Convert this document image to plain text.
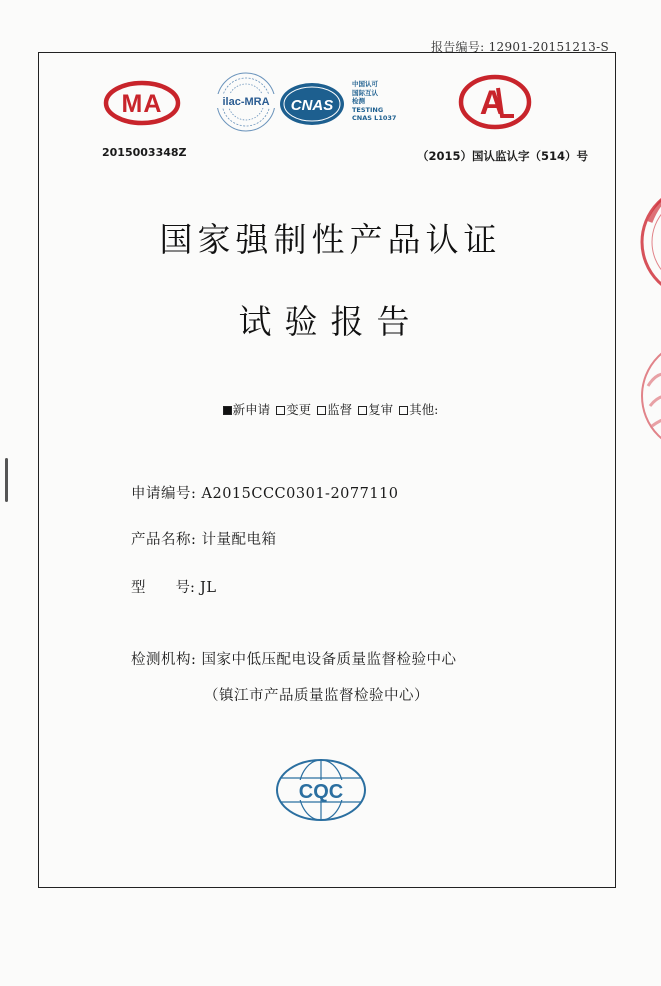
报告编号: 12901-20151213-S
MA	ilac-MRA CNAS
中国认可
国际互认
检测
TESTING
CNAS L1037	A
2015003348Z	（2015）国认监认字（514）号
国家强制性产品认证
试验报告
新申请 变更 监督 复审 其他:
申请编号: A2015CCC0301-2077110
产品名称: 计量配电箱
型 号: JL
检测机构: 国家中低压配电设备质量监督检验中心
（镇江市产品质量监督检验中心）
CQC
